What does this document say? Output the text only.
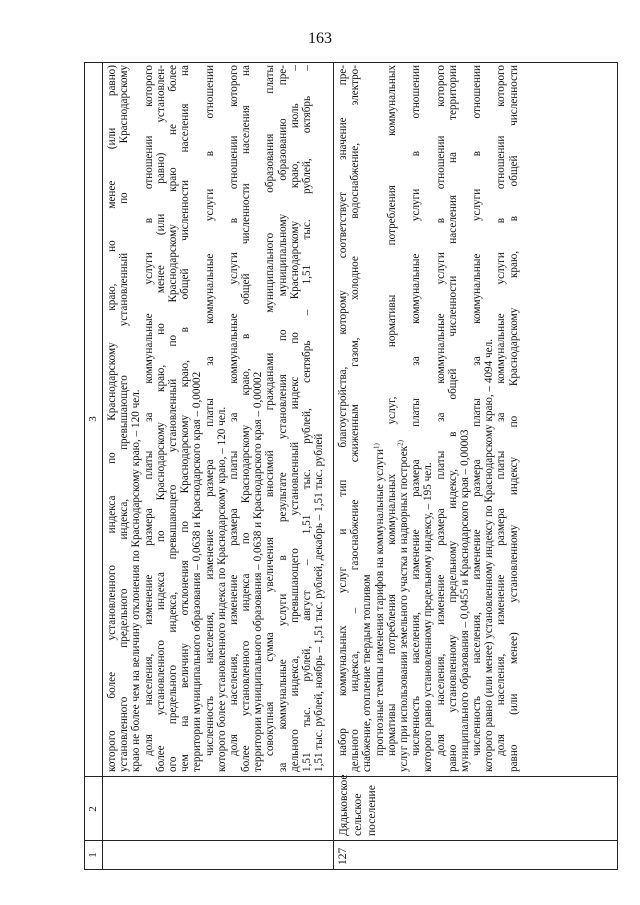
163
1
2
3 которого более установленного индекса по Краснодарскому краю, но менее (или равно) установленного предельного индекса, превышающего установленный по Краснодарскому краю не более чем на величину отклонения по Краснодарскому краю, – 120 чел. доля населения, изменение размера платы за коммунальные услуги в отношении которого более установленного индекса по Краснодарскому краю, но менее (или равно) установлен- ого предельного индекса, превышающего установленный по Краснодарскому краю не более чем на величину отклонения по Краснодарскому краю, в общей численности населения на территории муниципального образования – 0,0638 и Краснодарского края – 0,00002 численность населения, изменение размера платы за коммунальные услуги в отношении которого более установленного индекса по Краснодарскому краю, – 120 чел. доля населения, изменение размера платы за коммунальные услуги в отношении которого более установленного индекса по Краснодарскому краю, в общей численности населения на территории муниципального образования – 0,0638 и Краснодарского края – 0,00002 совокупная сумма увеличения вносимой гражданами муниципального образования платы за коммунальные услуги в результате установления по муниципальному образованию пре- дельного индекса, превышающего установленный индекс по Краснодарскому краю, июль – 1,51 тыс. рублей, август – 1,51 тыс. рублей, сентябрь – 1,51 тыс. рублей, октябрь – 1,51 тыс. рублей, ноябрь – 1,51 тыс. рублей, декабрь – 1,51 тыс. рублей
127
Дядьковское сельское поселение
набор коммунальных услуг и тип благоустройства, которому соответствует значение пре- дельного индекса, – газоснабжение сжиженным газом, холодное водоснабжение, электро- снабжение, отопление твердым топливом прогнозные темпы изменения тарифов на коммунальные услуги$^{1)}$ нормативы потребления коммунальных услуг, нормативы потребления коммунальных услуг при использовании земельного участка и надворных построек$^{2)}$ численность населения, изменение размера платы за коммунальные услуги в отношении которого равно установленному предельному индексу, – 195 чел. доля населения, изменение размера платы за коммунальные услуги в отношении которого равно установленному предельному индексу, в общей численности населения на территории муниципального образования – 0,0455 и Краснодарского края – 0,00003 численность населения, изменение размера платы за коммунальные услуги в отношении которого равно (или менее) установленному индексу по Краснодарскому краю, – 4094 чел. доля населения, изменение размера платы за коммунальные услуги в отношении которого равно (или менее) установленному индексу по Краснодарскому краю, в общей численности
